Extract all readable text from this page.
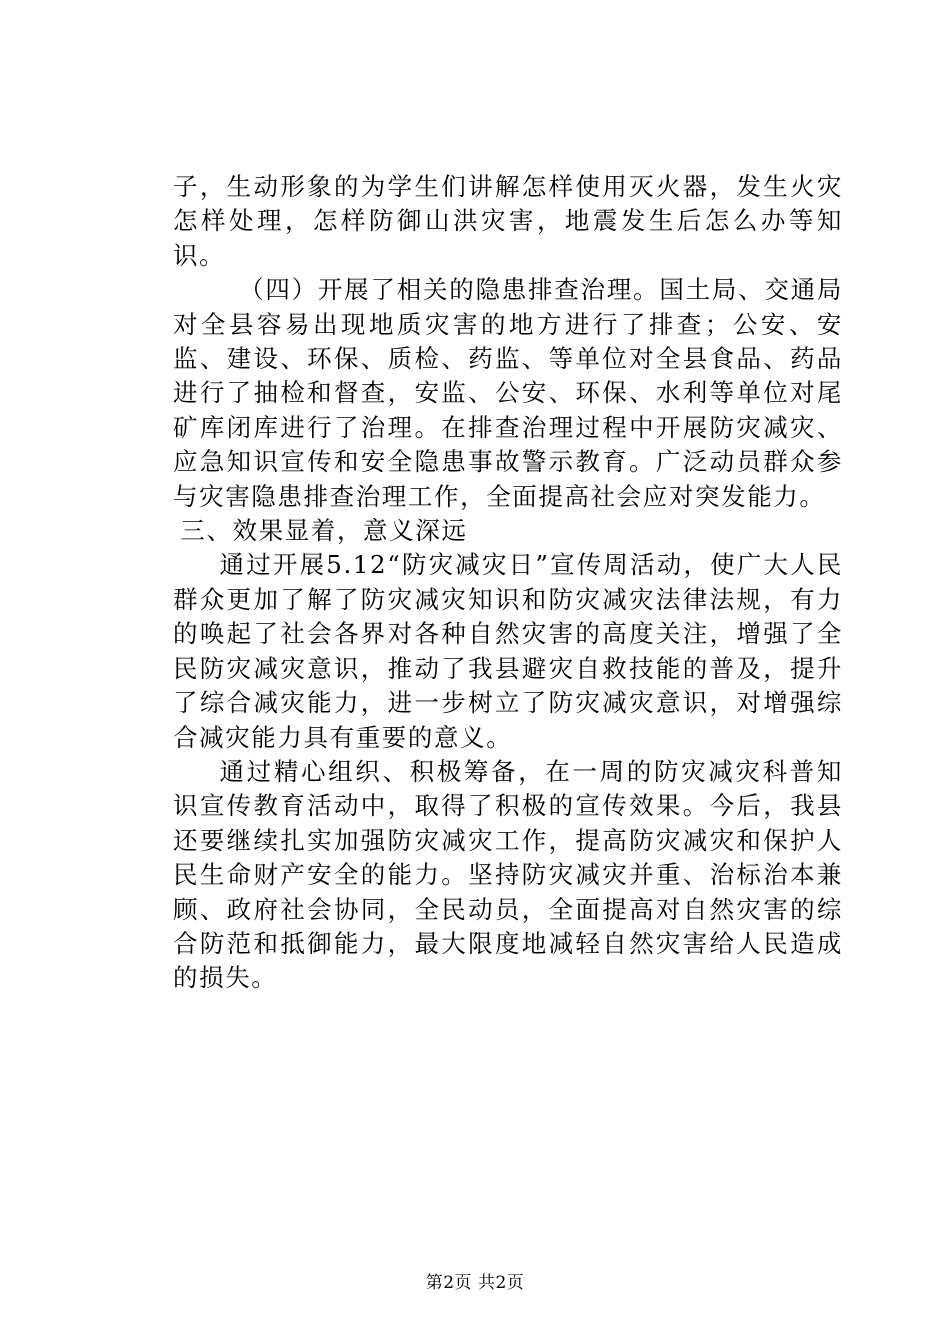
子，生动形象的为学生们讲解怎样使用灭火器，发生火灾怎样处理，怎样防御山洪灾害，地震发生后怎么办等知识。

（四）开展了相关的隐患排查治理。国土局、交通局对全县容易出现地质灾害的地方进行了排查；公安、安监、建设、环保、质检、药监、等单位对全县食品、药品进行了抽检和督查，安监、公安、环保、水利等单位对尾矿库闭库进行了治理。在排查治理过程中开展防灾减灾、应急知识宣传和安全隐患事故警示教育。广泛动员群众参与灾害隐患排查治理工作，全面提高社会应对突发能力。

三、效果显着，意义深远

通过开展5.12“防灾减灾日”宣传周活动，使广大人民群众更加了解了防灾减灾知识和防灾减灾法律法规，有力的唤起了社会各界对各种自然灾害的高度关注，增强了全民防灾减灾意识，推动了我县避灾自救技能的普及，提升了综合减灾能力，进一步树立了防灾减灾意识，对增强综合减灾能力具有重要的意义。

通过精心组织、积极筹备，在一周的防灾减灾科普知识宣传教育活动中，取得了积极的宣传效果。今后，我县还要继续扎实加强防灾减灾工作，提高防灾减灾和保护人民生命财产安全的能力。坚持防灾减灾并重、治标治本兼顾、政府社会协同，全民动员，全面提高对自然灾害的综合防范和抵御能力，最大限度地减轻自然灾害给人民造成的损失。

第2页 共2页
